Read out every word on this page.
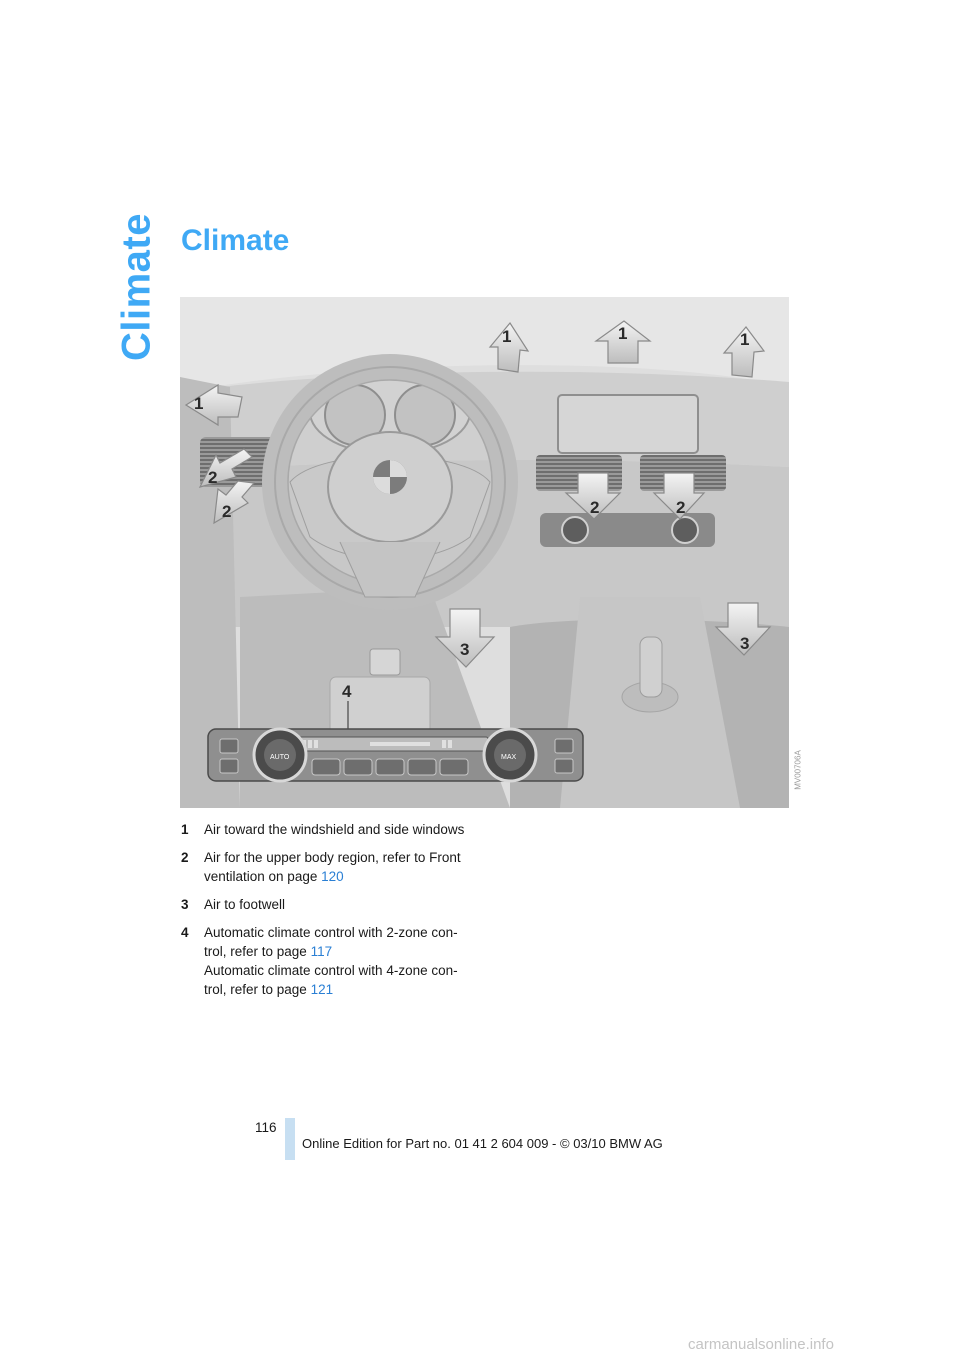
Climate Climate
1	1	1
1
2
2	2	2
3	3
4
AUTO	MAX	MV00706A
1 Air toward the windshield and side windows
2 Air for the upper body region, refer to Front
ventilation on page 120
3 Air to footwell
4 Automatic climate control with 2-zone con-
trol, refer to page 117
Automatic climate control with 4-zone con-
trol, refer to page 121
116
Online Edition for Part no. 01 41 2 604 009 - © 03/10 BMW AG
carmanualsonline.info
